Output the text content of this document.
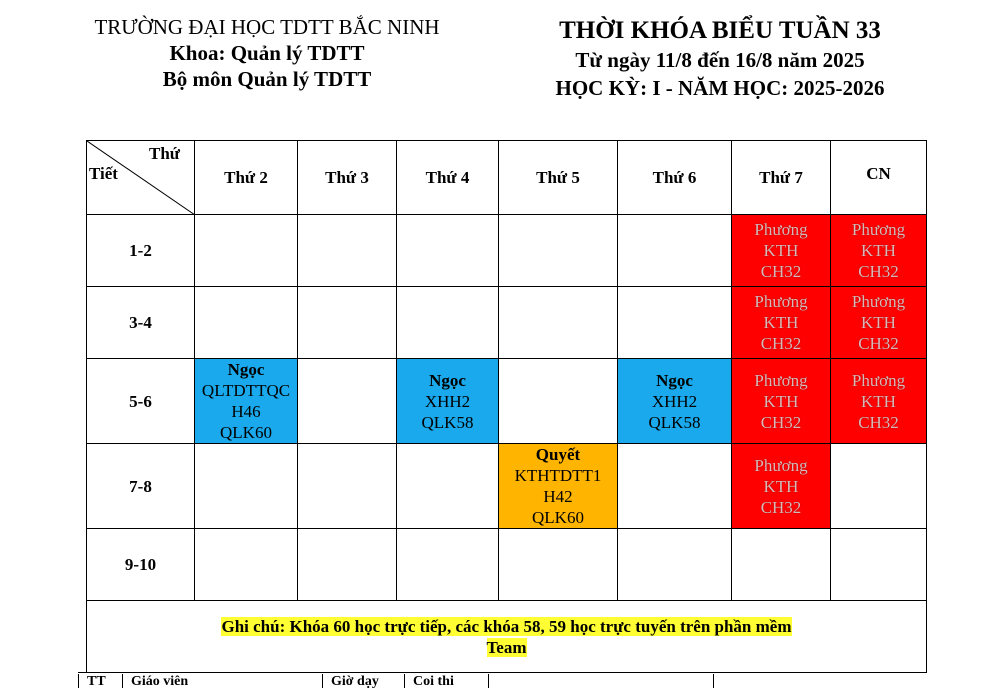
TRƯỜNG ĐẠI HỌC TDTT BẮC NINH
Khoa: Quản lý TDTT
Bộ môn Quản lý TDTT
THỜI KHÓA BIỂU TUẦN 33
Từ ngày 11/8 đến 16/8 năm 2025
HỌC KỲ: I - NĂM HỌC: 2025-2026
Thứ
Tiết	Thứ 2	Thứ 3	Thứ 4	Thứ 5	Thứ 6	Thứ 7	CN
1-2						Phương
KTH
CH32	Phương
KTH
CH32

3-4						Phương
KTH
CH32	Phương
KTH
CH32

5-6	Ngọc
QLTDTTQC
H46
QLK60		Ngọc
XHH2
QLK58		Ngọc
XHH2
QLK58	Phương
KTH
CH32	Phương
KTH
CH32

7-8				Quyết
KTHTDTT1
H42
QLK60		Phương
KTH
CH32	

9-10							
Ghi chú: Khóa 60 học trực tiếp, các khóa 58, 59 học trực tuyến trên phần mềm
Team							
TT	Giáo viên	Giờ dạy	Coi thi
